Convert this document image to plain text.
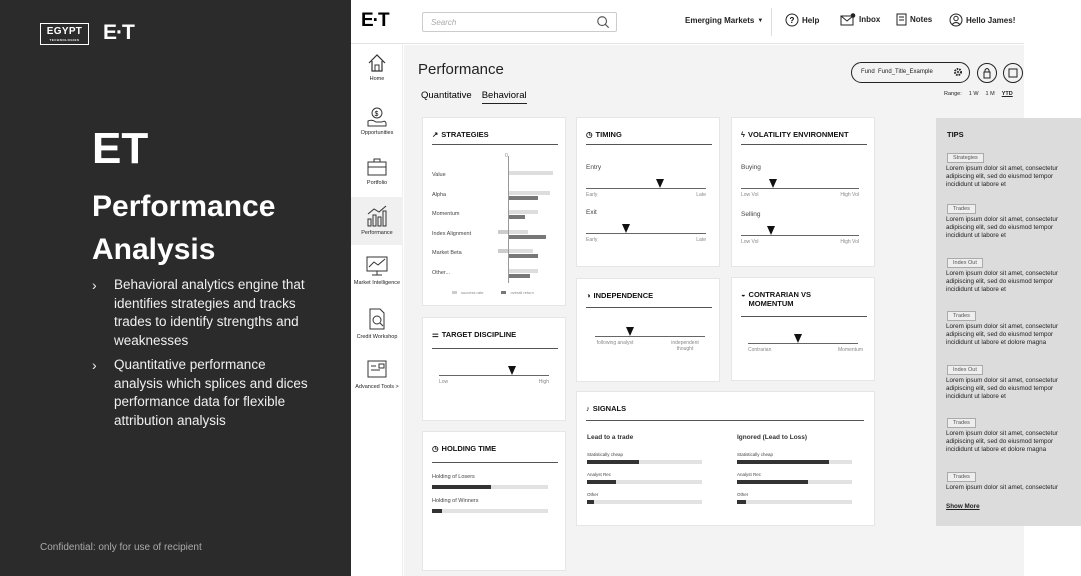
EGYPT
TECHNOLOGIES	E·T
ET
Performance Analysis
› Behavioral analytics engine that identifies strategies and tracks trades to identify strengths and weaknesses
› Quantitative performance analysis which splices and dices performance data for flexible attribution analysis
Confidential: only for use of recipient
E·T	Search	Emerging Markets ▼	? Help	Inbox	Notes	Hello James!
Home
$
Opportunities
Portfolio
Performance
Market Intelligence
Credit Workshop
Advanced Tools >
Performance
Quantitative Behavioral
Fund Fund_Title_Example
Range: 1 W 1 M YTD
↗ STRATEGIES
0
Value
Alpha
Momentum
Index Alignment
Market Beta
Other...
success rate	overall return
◷ TIMING
Entry
Early	Late
Exit
Early	Late
ϟ VOLATILITY ENVIRONMENT
Buying
Low Vol	High Vol
Selling
Low Vol	High Vol
◑ INDEPENDENCE
following analyst	independent thought
◒ CONTRARIAN VS MOMENTUM
Contrarian	Momentum
⚌ TARGET DISCIPLINE
Low	High
♪ SIGNALS
Lead to a trade
Statistically cheap
Analyst Rec
Other
Ignored (Lead to Loss)
Statistically cheap
Analyst Rec
Other
◷ HOLDING TIME
Holding of Losers
Holding of Winners
TIPS
Strategies
Lorem ipsum dolor sit amet, consectetur adipiscing elit, sed do eiusmod tempor incididunt ut labore et
Trades
Lorem ipsum dolor sit amet, consectetur adipiscing elit, sed do eiusmod tempor incididunt ut labore et
Index Out
Lorem ipsum dolor sit amet, consectetur adipiscing elit, sed do eiusmod tempor incididunt ut labore et
Trades
Lorem ipsum dolor sit amet, consectetur adipiscing elit, sed do eiusmod tempor incididunt ut labore et dolore magna
Index Out
Lorem ipsum dolor sit amet, consectetur adipiscing elit, sed do eiusmod tempor incididunt ut labore et
Trades
Lorem ipsum dolor sit amet, consectetur adipiscing elit, sed do eiusmod tempor incididunt ut labore et dolore magna
Trades
Lorem ipsum dolor sit amet, consectetur
Show More
